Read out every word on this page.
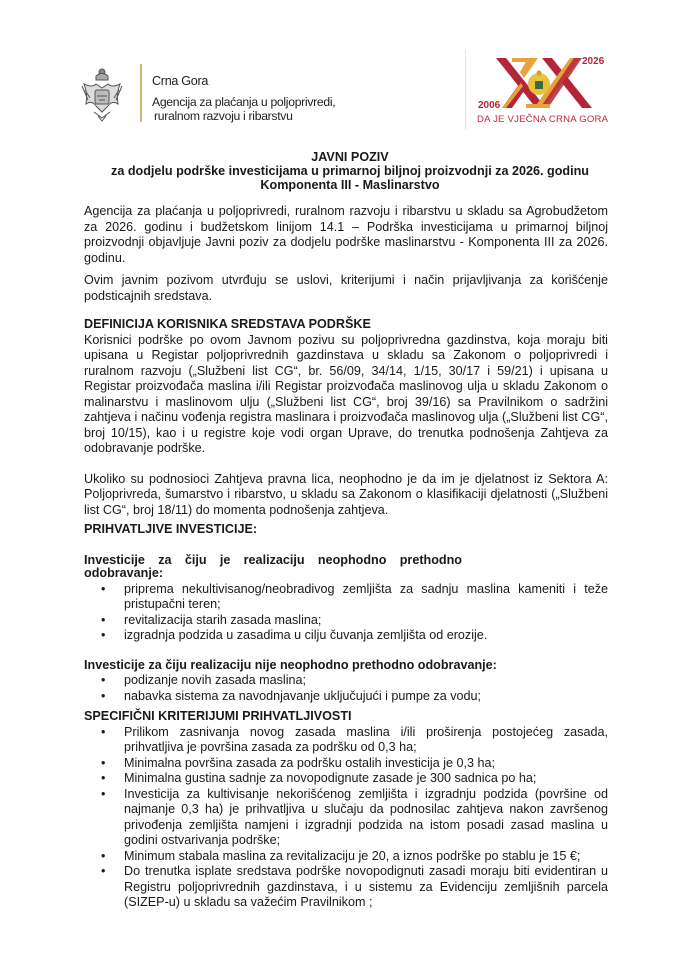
Crna Gora
Agencija za plaćanja u poljoprivredi,
ruralnom razvoju i ribarstvu
2006
2026
DA JE VJEČNA CRNA GORA
JAVNI POZIV
za dodjelu podrške investicijama u primarnoj biljnoj proizvodnji za 2026. godinu
Komponenta III - Maslinarstvo

Agencija za plaćanja u poljoprivredi, ruralnom razvoju i ribarstvu u skladu sa Agrobudžetom za 2026. godinu i budžetskom linijom 14.1 – Podrška investicijama u primarnoj biljnoj proizvodnji objavljuje Javni poziv za dodjelu podrške maslinarstvu - Komponenta III za 2026. godinu.

Ovim javnim pozivom utvrđuju se uslovi, kriterijumi i način prijavljivanja za korišćenje podsticajnih sredstava.

DEFINICIJA KORISNIKA SREDSTAVA PODRŠKE

Korisnici podrške po ovom Javnom pozivu su poljoprivredna gazdinstva, koja moraju biti upisana u Registar poljoprivrednih gazdinstava u skladu sa Zakonom o poljoprivredi i ruralnom razvoju („Službeni list CG“, br. 56/09, 34/14, 1/15, 30/17 i 59/21) i upisana u Registar proizvođača maslina i/ili Registar proizvođača maslinovog ulja u skladu Zakonom o malinarstvu i maslinovom ulju („Službeni list CG“, broj 39/16) sa Pravilnikom o sadržini zahtjeva i načinu vođenja registra maslinara i proizvođača maslinovog ulja („Službeni list CG“, broj 10/15), kao i u registre koje vodi organ Uprave, do trenutka podnošenja Zahtjeva za odobravanje podrške.

Ukoliko su podnosioci Zahtjeva pravna lica, neophodno je da im je djelatnost iz Sektora A: Poljoprivreda, šumarstvo i ribarstvo, u skladu sa Zakonom o klasifikaciji djelatnosti („Službeni list CG“, broj 18/11) do momenta podnošenja zahtjeva.

PRIHVATLJIVE INVESTICIJE:
Investicije za čiju je realizaciju neophodno prethodno
odobravanje:
• priprema nekultivisanog/neobradivog zemljišta za sadnju maslina kameniti i teže pristupačni teren;
• revitalizacija starih zasada maslina;
• izgradnja podzida u zasadima u cilju čuvanja zemljišta od erozije.
Investicije za čiju realizaciju nije neophodno prethodno odobravanje:
• podizanje novih zasada maslina;
• nabavka sistema za navodnjavanje uključujući i pumpe za vodu;
SPECIFIČNI KRITERIJUMI PRIHVATLJIVOSTI
• Prilikom zasnivanja novog zasada maslina i/ili proširenja postojećeg zasada, prihvatljiva je površina zasada za podršku od 0,3 ha;
• Minimalna površina zasada za podršku ostalih investicija je 0,3 ha;
• Minimalna gustina sadnje za novopodignute zasade je 300 sadnica po ha;
• Investicija za kultivisanje nekorišćenog zemljišta i izgradnju podzida (površine od najmanje 0,3 ha) je prihvatljiva u slučaju da podnosilac zahtjeva nakon završenog privođenja zemljišta namjeni i izgradnji podzida na istom posadi zasad maslina u godini ostvarivanja podrške;
• Minimum stabala maslina za revitalizaciju je 20, a iznos podrške po stablu je 15 €;
• Do trenutka isplate sredstava podrške novopodignuti zasadi moraju biti evidentiran u Registru poljoprivrednih gazdinstava, i u sistemu za Evidenciju zemljišnih parcela (SIZEP-u) u skladu sa važećim Pravilnikom ;
